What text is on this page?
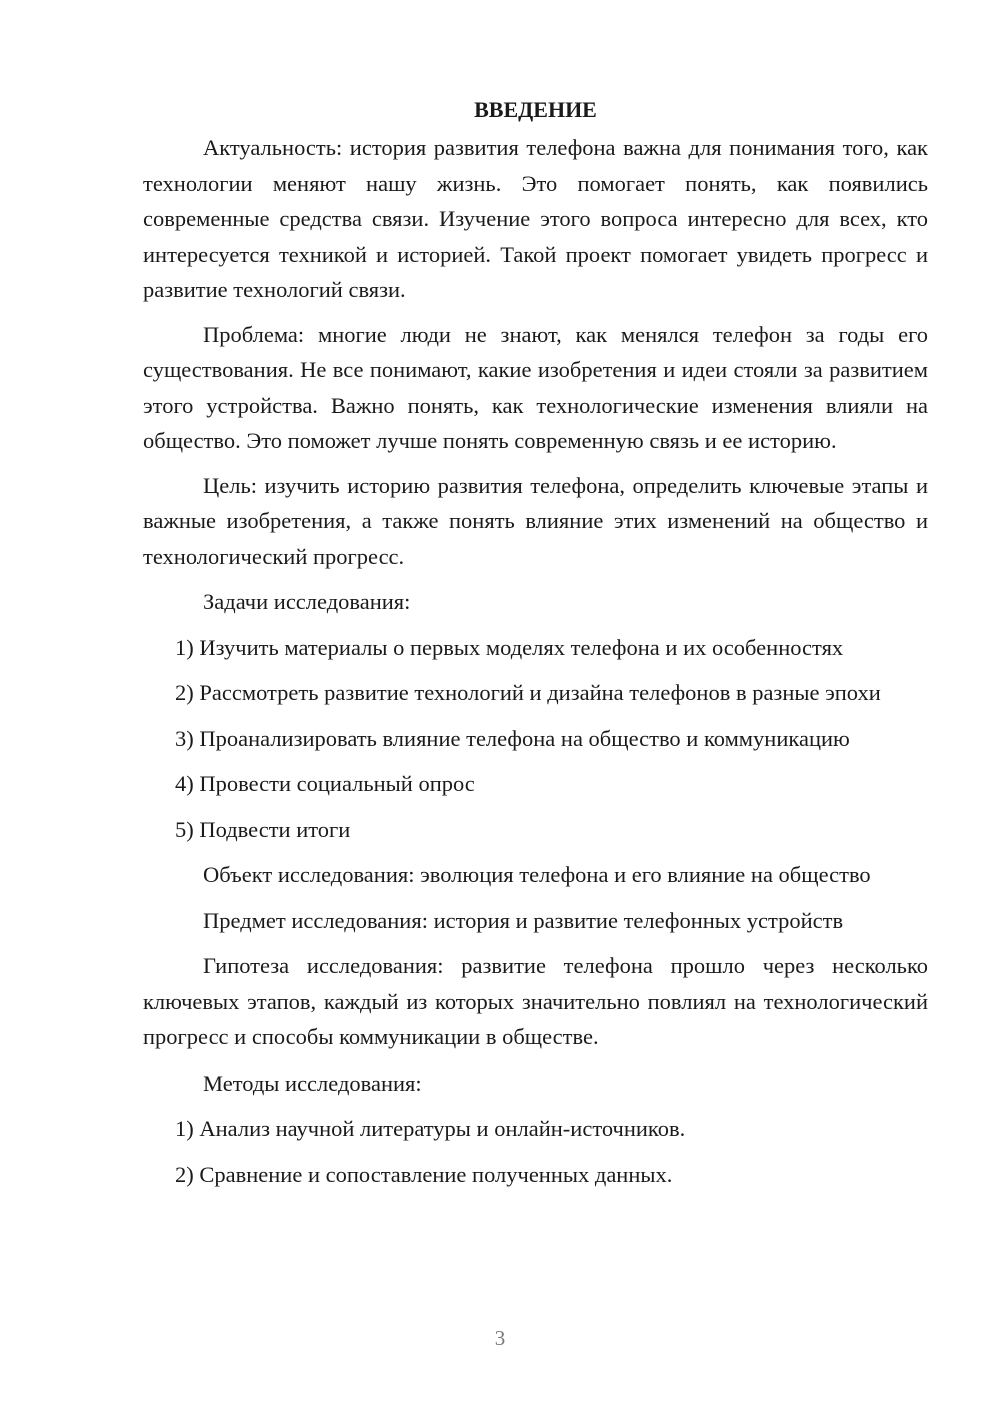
ВВЕДЕНИЕ

Актуальность: история развития телефона важна для понимания того, как технологии меняют нашу жизнь. Это помогает понять, как появились современные средства связи. Изучение этого вопроса интересно для всех, кто интересуется техникой и историей. Такой проект помогает увидеть прогресс и развитие технологий связи.

Проблема: многие люди не знают, как менялся телефон за годы его существования. Не все понимают, какие изобретения и идеи стояли за развитием этого устройства. Важно понять, как технологические изменения влияли на общество. Это поможет лучше понять современную связь и ее историю.

Цель: изучить историю развития телефона, определить ключевые этапы и важные изобретения, а также понять влияние этих изменений на общество и технологический прогресс.

Задачи исследования:

1) Изучить материалы о первых моделях телефона и их особенностях

2) Рассмотреть развитие технологий и дизайна телефонов в разные эпохи

3) Проанализировать влияние телефона на общество и коммуникацию

4) Провести социальный опрос

5) Подвести итоги

Объект исследования: эволюция телефона и его влияние на общество

Предмет исследования: история и развитие телефонных устройств

Гипотеза исследования: развитие телефона прошло через несколько ключевых этапов, каждый из которых значительно повлиял на технологический прогресс и способы коммуникации в обществе.

Методы исследования:

1) Анализ научной литературы и онлайн-источников.

2) Сравнение и сопоставление полученных данных.

3
